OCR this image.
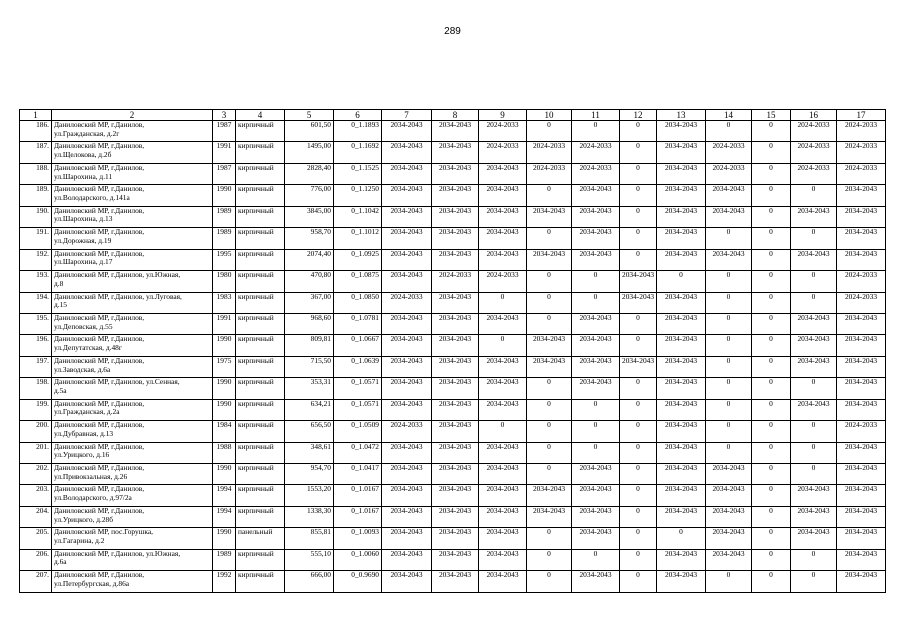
289
1	2	3	4	5	6	7	8	9	10	11	12	13	14	15	16	17
186.	Даниловский МР, г.Данилов,
ул.Гражданская, д.2г	1987	кирпичный	601,50	0_1.1893	2034-2043	2034-2043	2024-2033	0	0	0	2034-2043	0	0	2024-2033	2024-2033
187.	Даниловский МР, г.Данилов,
ул.Щелокова, д.2б	1991	кирпичный	1495,00	0_1.1692	2034-2043	2034-2043	2024-2033	2024-2033	2024-2033	0	2034-2043	2024-2033	0	2024-2033	2024-2033
188.	Даниловский МР, г.Данилов,
ул.Шарохина, д.11	1987	кирпичный	2828,40	0_1.1525	2034-2043	2034-2043	2034-2043	2024-2033	2024-2033	0	2034-2043	2024-2033	0	2024-2033	2024-2033
189.	Даниловский МР, г.Данилов,
ул.Володарского, д.141а	1990	кирпичный	776,00	0_1.1250	2034-2043	2034-2043	2034-2043	0	2034-2043	0	2034-2043	2034-2043	0	0	2034-2043
190.	Даниловский МР, г.Данилов,
ул.Шарохина, д.13	1989	кирпичный	3845,00	0_1.1042	2034-2043	2034-2043	2034-2043	2034-2043	2034-2043	0	2034-2043	2034-2043	0	2034-2043	2034-2043
191.	Даниловский МР, г.Данилов,
ул.Дорожная, д.19	1989	кирпичный	958,70	0_1.1012	2034-2043	2034-2043	2034-2043	0	2034-2043	0	2034-2043	0	0	0	2034-2043
192.	Даниловский МР, г.Данилов,
ул.Шарохина, д.17	1995	кирпичный	2074,40	0_1.0925	2034-2043	2034-2043	2034-2043	2034-2043	2034-2043	0	2034-2043	2034-2043	0	2034-2043	2034-2043
193.	Даниловский МР, г.Данилов, ул.Южная,
д.8	1980	кирпичный	470,80	0_1.0875	2034-2043	2024-2033	2024-2033	0	0	2034-2043	0	0	0	0	2024-2033
194.	Даниловский МР, г.Данилов, ул.Луговая,
д.15	1983	кирпичный	367,00	0_1.0850	2024-2033	2034-2043	0	0	0	2034-2043	2034-2043	0	0	0	2024-2033
195.	Даниловский МР, г.Данилов,
ул.Деповская, д.55	1991	кирпичный	968,60	0_1.0781	2034-2043	2034-2043	2034-2043	0	2034-2043	0	2034-2043	0	0	2034-2043	2034-2043
196.	Даниловский МР, г.Данилов,
ул.Депутатская, д.48г	1990	кирпичный	809,81	0_1.0667	2034-2043	2034-2043	0	2034-2043	2034-2043	0	2034-2043	0	0	2034-2043	2034-2043
197.	Даниловский МР, г.Данилов,
ул.Заводская, д.6а	1975	кирпичный	715,50	0_1.0639	2034-2043	2034-2043	2034-2043	2034-2043	2034-2043	2034-2043	2034-2043	0	0	2034-2043	2034-2043
198.	Даниловский МР, г.Данилов, ул.Сенная,
д.5а	1990	кирпичный	353,31	0_1.0571	2034-2043	2034-2043	2034-2043	0	2034-2043	0	2034-2043	0	0	0	2034-2043
199.	Даниловский МР, г.Данилов,
ул.Гражданская, д.2а	1990	кирпичный	634,21	0_1.0571	2034-2043	2034-2043	2034-2043	0	0	0	2034-2043	0	0	2034-2043	2034-2043
200.	Даниловский МР, г.Данилов,
ул.Дубравная, д.13	1984	кирпичный	656,50	0_1.0509	2024-2033	2034-2043	0	0	0	0	2034-2043	0	0	0	2024-2033
201.	Даниловский МР, г.Данилов,
ул.Урицкого, д.16	1988	кирпичный	348,61	0_1.0472	2034-2043	2034-2043	2034-2043	0	0	0	2034-2043	0	0	0	2034-2043
202.	Даниловский МР, г.Данилов,
ул.Привокзальная, д.26	1990	кирпичный	954,70	0_1.0417	2034-2043	2034-2043	2034-2043	0	2034-2043	0	2034-2043	2034-2043	0	0	2034-2043
203.	Даниловский МР, г.Данилов,
ул.Володарского, д.97/2а	1994	кирпичный	1553,20	0_1.0167	2034-2043	2034-2043	2034-2043	2034-2043	2034-2043	0	2034-2043	2034-2043	0	2034-2043	2034-2043
204.	Даниловский МР, г.Данилов,
ул.Урицкого, д.28б	1994	кирпичный	1338,30	0_1.0167	2034-2043	2034-2043	2034-2043	2034-2043	2034-2043	0	2034-2043	2034-2043	0	2034-2043	2034-2043
205.	Даниловский МР, пос.Горушка,
ул.Гагарина, д.2	1990	панельный	855,81	0_1.0093	2034-2043	2034-2043	2034-2043	0	2034-2043	0	0	2034-2043	0	2034-2043	2034-2043
206.	Даниловский МР, г.Данилов, ул.Южная,
д.6а	1989	кирпичный	555,10	0_1.0060	2034-2043	2034-2043	2034-2043	0	0	0	2034-2043	2034-2043	0	0	2034-2043
207.	Даниловский МР, г.Данилов,
ул.Петербургская, д.86а	1992	кирпичный	666,00	0_0.9690	2034-2043	2034-2043	2034-2043	0	2034-2043	0	2034-2043	0	0	0	2034-2043
